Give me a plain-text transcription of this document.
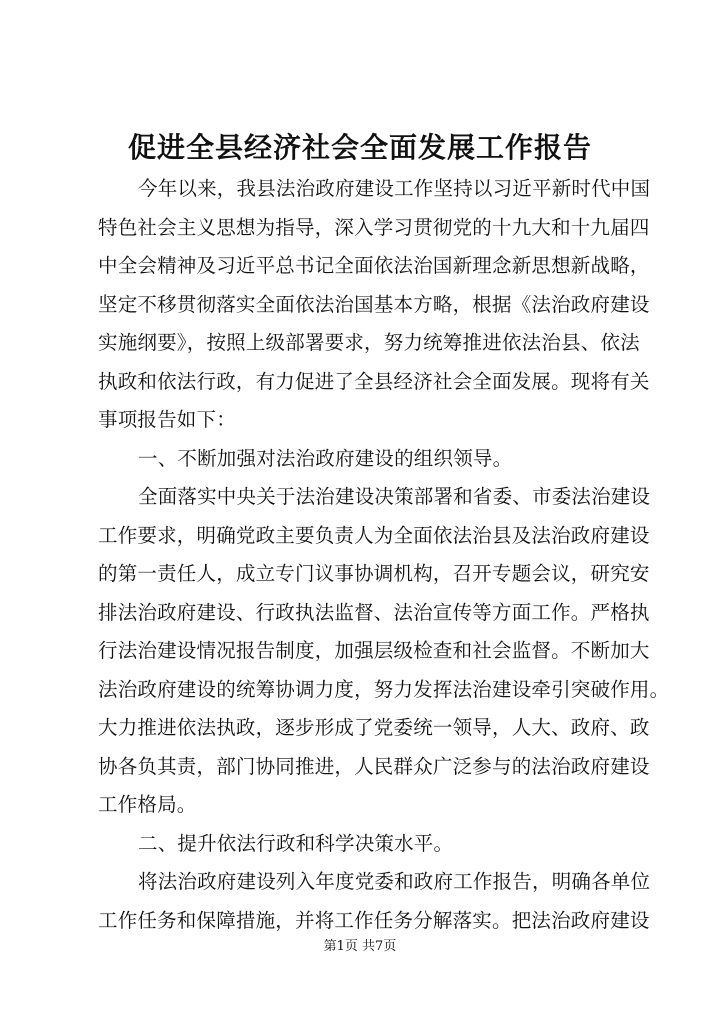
促进全县经济社会全面发展工作报告
今年以来，我县法治政府建设工作坚持以习近平新时代中国
特色社会主义思想为指导，深入学习贯彻党的十九大和十九届四
中全会精神及习近平总书记全面依法治国新理念新思想新战略，
坚定不移贯彻落实全面依法治国基本方略，根据《法治政府建设
实施纲要》，按照上级部署要求，努力统筹推进依法治县、依法
执政和依法行政，有力促进了全县经济社会全面发展。现将有关
事项报告如下：
一、不断加强对法治政府建设的组织领导。
全面落实中央关于法治建设决策部署和省委、市委法治建设
工作要求，明确党政主要负责人为全面依法治县及法治政府建设
的第一责任人，成立专门议事协调机构，召开专题会议，研究安
排法治政府建设、行政执法监督、法治宣传等方面工作。严格执
行法治建设情况报告制度，加强层级检查和社会监督。不断加大
法治政府建设的统筹协调力度，努力发挥法治建设牵引突破作用。
大力推进依法执政，逐步形成了党委统一领导，人大、政府、政
协各负其责，部门协同推进，人民群众广泛参与的法治政府建设
工作格局。
二、提升依法行政和科学决策水平。
将法治政府建设列入年度党委和政府工作报告，明确各单位
工作任务和保障措施，并将工作任务分解落实。把法治政府建设
第1页 共7页
